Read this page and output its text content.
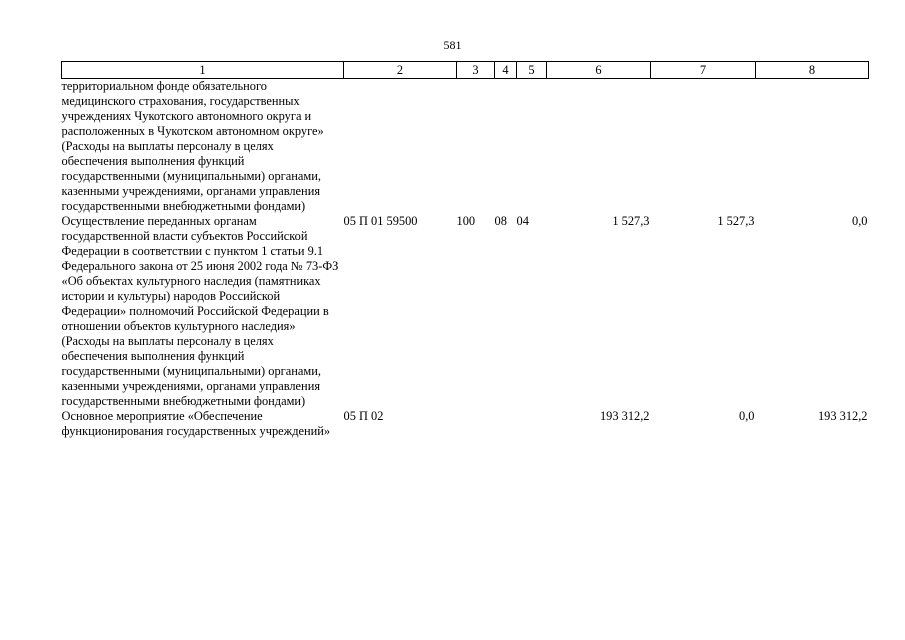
581
1	2	3	4	5	6	7	8
территориальном фонде обязательного медицинского страхования, государственных учреждениях Чукотского автономного округа и расположенных в Чукотском автономном округе» (Расходы на выплаты персоналу в целях обеспечения выполнения функций государственными (муниципальными) органами, казенными учреждениями, органами управления государственными внебюджетными фондами)							
Осуществление переданных органам государственной власти субъектов Российской Федерации в соответствии с пунктом 1 статьи 9.1 Федерального закона от 25 июня 2002 года № 73-ФЗ «Об объектах культурного наследия (памятниках истории и культуры) народов Российской Федерации» полномочий Российской Федерации в отношении объектов культурного наследия» (Расходы на выплаты персоналу в целях обеспечения выполнения функций государственными (муниципальными) органами, казенными учреждениями, органами управления государственными внебюджетными фондами)	05 П 01 59500	100	08	04	1 527,3	1 527,3	0,0
Основное мероприятие «Обеспечение функционирования государственных учреждений»	05 П 02				193 312,2	0,0	193 312,2
